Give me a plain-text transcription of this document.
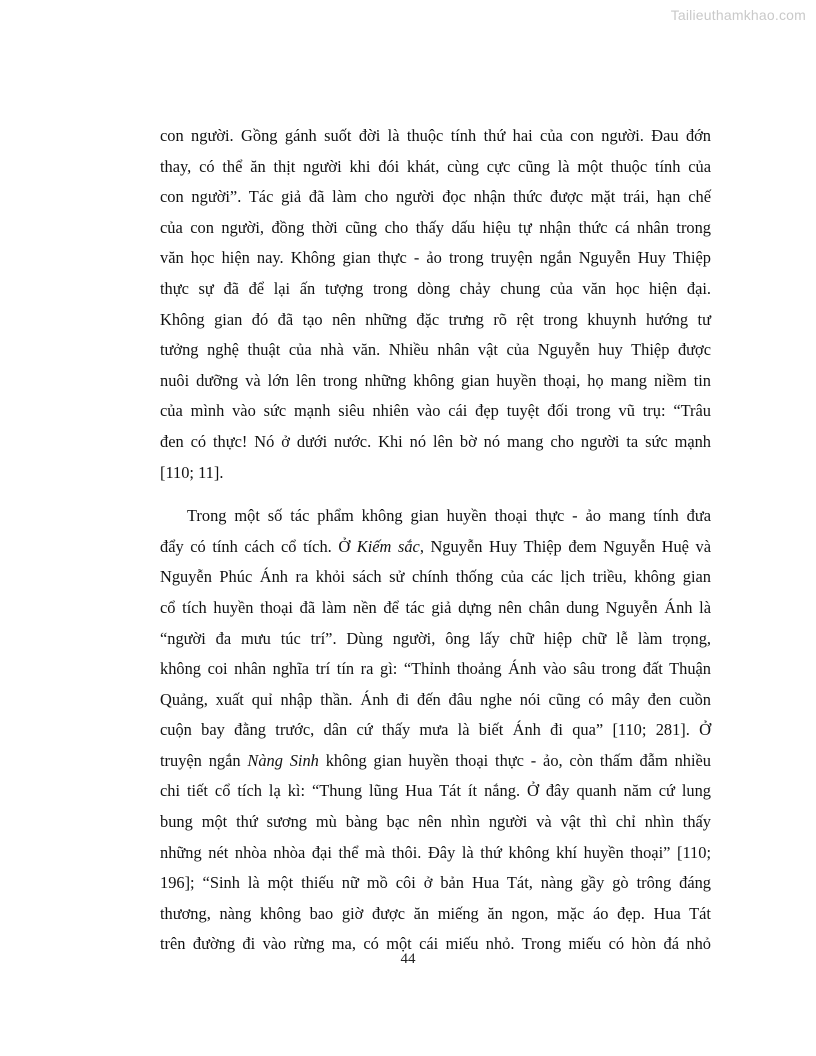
Tailieuthamkhao.com

con người. Gồng gánh suốt đời là thuộc tính thứ hai của con người. Đau đớn

thay, có thể ăn thịt người khi đói khát, cùng cực cũng là một thuộc tính của

con người”. Tác giả đã làm cho người đọc nhận thức được mặt trái, hạn chế

của con người, đồng thời cũng cho thấy dấu hiệu tự nhận thức cá nhân trong

văn học hiện nay. Không gian thực - ảo trong truyện ngắn Nguyễn Huy Thiệp

thực sự đã để lại ấn tượng trong dòng chảy chung của văn học hiện đại.

Không gian đó đã tạo nên những đặc trưng rõ rệt trong khuynh hướng tư

tưởng nghệ thuật của nhà văn. Nhiều nhân vật của Nguyễn huy Thiệp được

nuôi dưỡng và lớn lên trong những không gian huyền thoại, họ mang niềm tin

của mình vào sức mạnh siêu nhiên vào cái đẹp tuyệt đối trong vũ trụ: “Trâu

đen có thực! Nó ở dưới nước. Khi nó lên bờ nó mang cho người ta sức mạnh

[110; 11].

Trong một số tác phẩm không gian huyền thoại thực - ảo mang tính đưa

đẩy có tính cách cổ tích. Ở Kiếm sắc, Nguyễn Huy Thiệp đem Nguyễn Huệ và

Nguyễn Phúc Ánh ra khỏi sách sử chính thống của các lịch triều, không gian

cổ tích huyền thoại đã làm nền để tác giả dựng nên chân dung Nguyễn Ánh là

“người đa mưu túc trí”. Dùng người, ông lấy chữ hiệp chữ lễ làm trọng,

không coi nhân nghĩa trí tín ra gì: “Thỉnh thoảng Ánh vào sâu trong đất Thuận

Quảng, xuất quỉ nhập thần. Ánh đi đến đâu nghe nói cũng có mây đen cuồn

cuộn bay đằng trước, dân cứ thấy mưa là biết Ánh đi qua” [110; 281]. Ở

truyện ngắn Nàng Sinh không gian huyền thoại thực - ảo, còn thấm đẫm nhiều

chi tiết cổ tích lạ kì: “Thung lũng Hua Tát ít nắng. Ở đây quanh năm cứ lung

bung một thứ sương mù bàng bạc nên nhìn người và vật thì chỉ nhìn thấy

những nét nhòa nhòa đại thể mà thôi. Đây là thứ không khí huyền thoại” [110;

196]; “Sinh là một thiếu nữ mồ côi ở bản Hua Tát, nàng gầy gò trông đáng

thương, nàng không bao giờ được ăn miếng ăn ngon, mặc áo đẹp. Hua Tát

trên đường đi vào rừng ma, có một cái miếu nhỏ. Trong miếu có hòn đá nhỏ

44
